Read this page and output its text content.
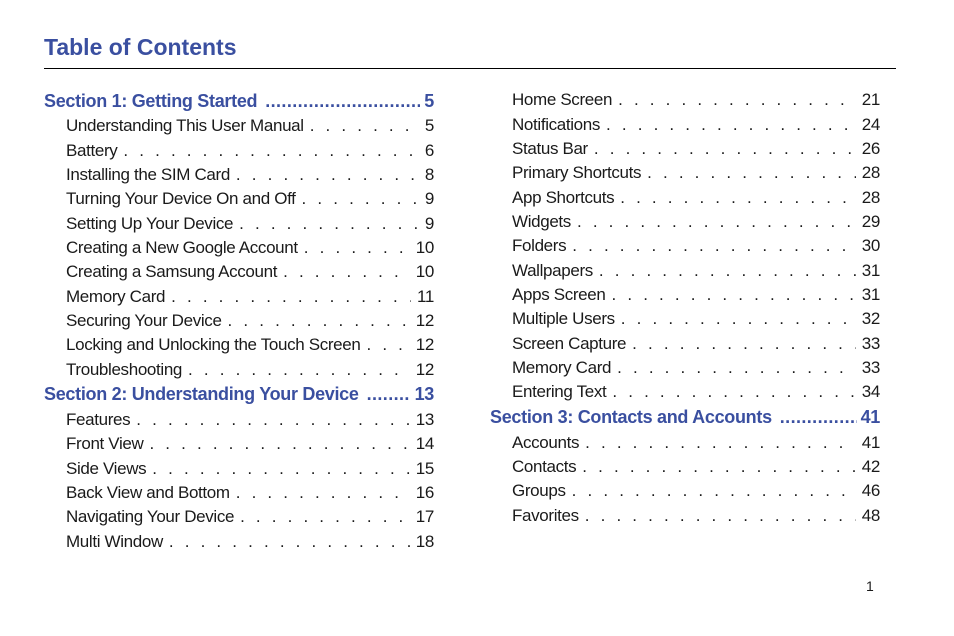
Table of Contents
Section 1: Getting Started .....	5
Understanding This User Manual . . .	5
Battery . . .	6
Installing the SIM Card . . .	8
Turning Your Device On and Off . . .	9
Setting Up Your Device . . .	9
Creating a New Google Account . . .	10
Creating a Samsung Account . . .	10
Memory Card . . .	11
Securing Your Device . . .	12
Locking and Unlocking the Touch Screen . . .	12
Troubleshooting . . .	12
Section 2: Understanding Your Device .....	13
Features . . .	13
Front View . . .	14
Side Views . . .	15
Back View and Bottom . . .	16
Navigating Your Device . . .	17
Multi Window . . .	18
Home Screen . . .	21
Notifications . . .	24
Status Bar . . .	26
Primary Shortcuts . . .	28
App Shortcuts . . .	28
Widgets . . .	29
Folders . . .	30
Wallpapers . . .	31
Apps Screen . . .	31
Multiple Users . . .	32
Screen Capture . . .	33
Memory Card . . .	33
Entering Text . . .	34
Section 3: Contacts and Accounts .....	41
Accounts . . .	41
Contacts . . .	42
Groups . . .	46
Favorites . . .	48
1
